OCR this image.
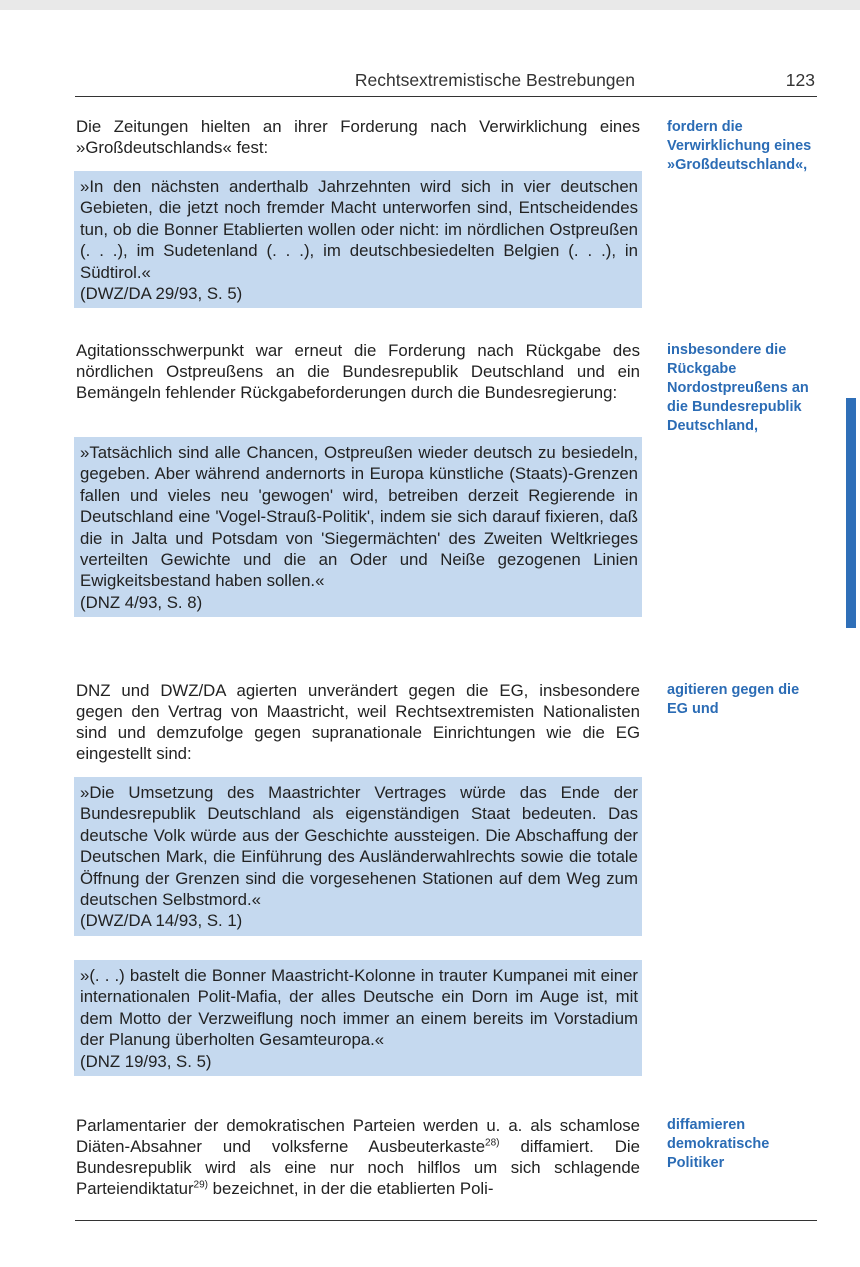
Rechtsextremistische Bestrebungen	123
Die Zeitungen hielten an ihrer Forderung nach Verwirklichung eines »Großdeutschlands« fest:
»In den nächsten anderthalb Jahrzehnten wird sich in vier deutschen Gebieten, die jetzt noch fremder Macht unterworfen sind, Entscheidendes tun, ob die Bonner Etablierten wollen oder nicht: im nördlichen Ostpreußen (. . .), im Sudetenland (. . .), im deutschbesiedelten Belgien (. . .), in Südtirol.«
(DWZ/DA 29/93, S. 5)
Agitationsschwerpunkt war erneut die Forderung nach Rückgabe des nördlichen Ostpreußens an die Bundesrepublik Deutschland und ein Bemängeln fehlender Rückgabeforderungen durch die Bundesregierung:
»Tatsächlich sind alle Chancen, Ostpreußen wieder deutsch zu besiedeln, gegeben. Aber während andernorts in Europa künstliche (Staats)-Grenzen fallen und vieles neu 'gewogen' wird, betreiben derzeit Regierende in Deutschland eine 'Vogel-Strauß-Politik', indem sie sich darauf fixieren, daß die in Jalta und Potsdam von 'Siegermächten' des Zweiten Weltkrieges verteilten Gewichte und die an Oder und Neiße gezogenen Linien Ewigkeitsbestand haben sollen.«
(DNZ 4/93, S. 8)
DNZ und DWZ/DA agierten unverändert gegen die EG, insbesondere gegen den Vertrag von Maastricht, weil Rechtsextremisten Nationalisten sind und demzufolge gegen supranationale Einrichtungen wie die EG eingestellt sind:
»Die Umsetzung des Maastrichter Vertrages würde das Ende der Bundesrepublik Deutschland als eigenständigen Staat bedeuten. Das deutsche Volk würde aus der Geschichte aussteigen. Die Abschaffung der Deutschen Mark, die Einführung des Ausländerwahlrechts sowie die totale Öffnung der Grenzen sind die vorgesehenen Stationen auf dem Weg zum deutschen Selbstmord.«
(DWZ/DA 14/93, S. 1)
»(. . .) bastelt die Bonner Maastricht-Kolonne in trauter Kumpanei mit einer internationalen Polit-Mafia, der alles Deutsche ein Dorn im Auge ist, mit dem Motto der Verzweiflung noch immer an einem bereits im Vorstadium der Planung überholten Gesamteuropa.«
(DNZ 19/93, S. 5)
Parlamentarier der demokratischen Parteien werden u. a. als schamlose Diäten-Absahner und volksferne Ausbeuterkaste$^{28)}$ diffamiert. Die Bundesrepublik wird als eine nur noch hilflos um sich schlagende Parteiendiktatur$^{29)}$ bezeichnet, in der die etablierten Poli-
fordern die Verwirklichung eines »Großdeutschland«,
insbesondere die Rückgabe Nordostpreußens an die Bundesrepublik Deutschland,
agitieren gegen die EG und
diffamieren demokratische Politiker
